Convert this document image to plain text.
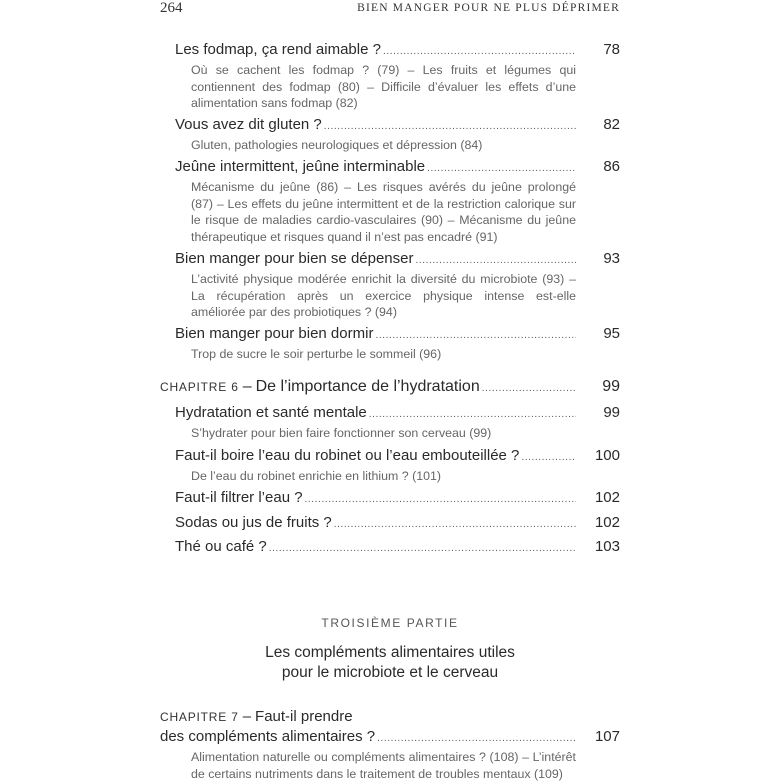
264	BIEN MANGER POUR NE PLUS DÉPRIMER
Les fodmap, ça rend aimable ? .....	78
Où se cachent les fodmap ? (79) – Les fruits et légumes qui contiennent des fodmap (80) – Difficile d’évaluer les effets d’une alimentation sans fodmap (82)
Vous avez dit gluten ? .....	82
Gluten, pathologies neurologiques et dépression (84)
Jeûne intermittent, jeûne interminable .....	86
Mécanisme du jeûne (86) – Les risques avérés du jeûne prolongé (87) – Les effets du jeûne intermittent et de la restriction calorique sur le risque de maladies cardio-vasculaires (90) – Mécanisme du jeûne thérapeutique et risques quand il n’est pas encadré (91)
Bien manger pour bien se dépenser .....	93
L’activité physique modérée enrichit la diversité du microbiote (93) – La récupération après un exercice physique intense est-elle améliorée par des probiotiques ? (94)
Bien manger pour bien dormir .....	95
Trop de sucre le soir perturbe le sommeil (96)
CHAPITRE 6 – De l’importance de l’hydratation .....	99
Hydratation et santé mentale .....	99
S’hydrater pour bien faire fonctionner son cerveau (99)
Faut-il boire l’eau du robinet ou l’eau embouteillée ? .....	100
De l’eau du robinet enrichie en lithium ? (101)
Faut-il filtrer l’eau ? .....	102
Sodas ou jus de fruits ? .....	102
Thé ou café ? .....	103
TROISIÈME PARTIE
Les compléments alimentaires utiles
pour le microbiote et le cerveau
CHAPITRE 7 – Faut-il prendre
des compléments alimentaires ? .....	107
Alimentation naturelle ou compléments alimentaires ? (108) – L’intérêt de certains nutriments dans le traitement de troubles mentaux (109)
